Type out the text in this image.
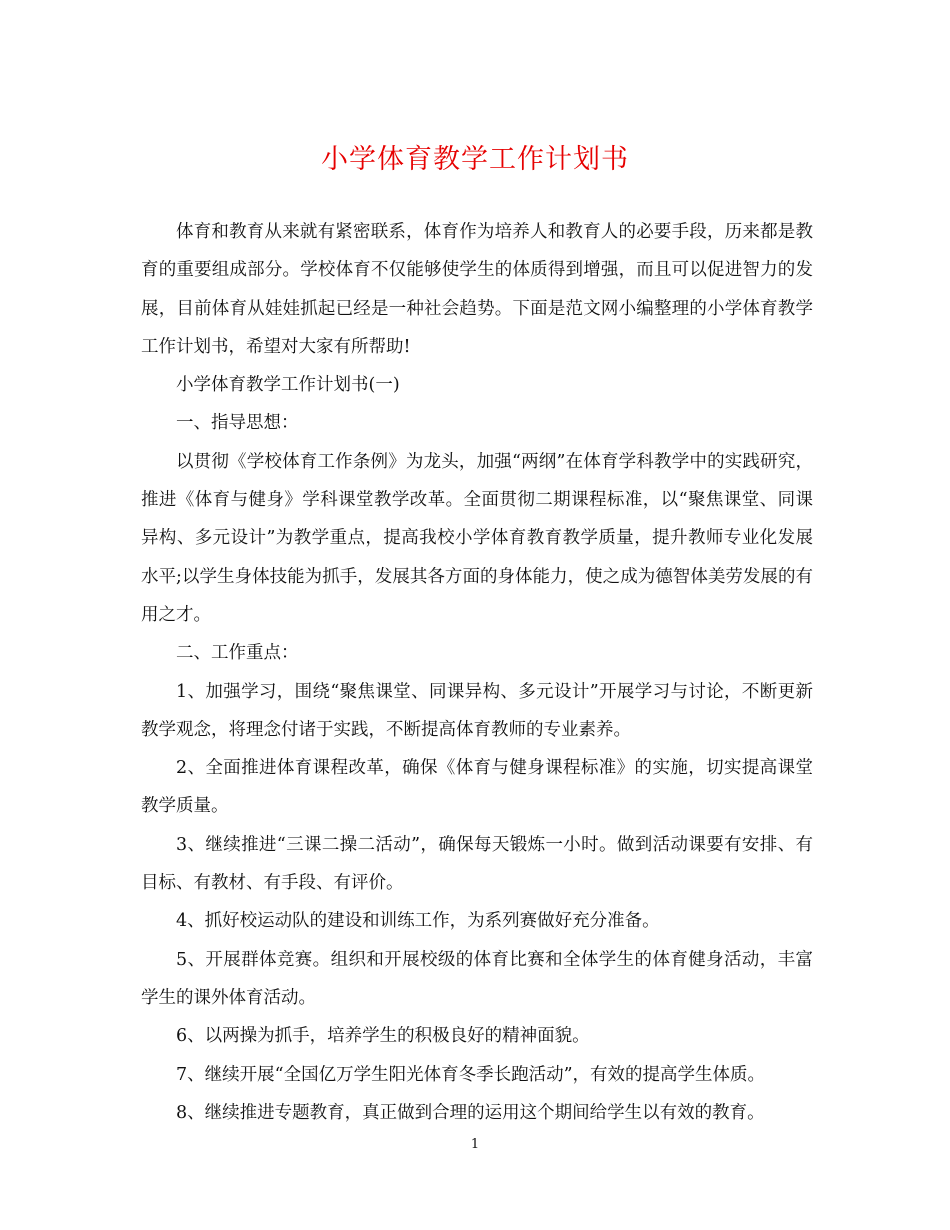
小学体育教学工作计划书

体育和教育从来就有紧密联系，体育作为培养人和教育人的必要手段，历来都是教育的重要组成部分。学校体育不仅能够使学生的体质得到增强，而且可以促进智力的发展，目前体育从娃娃抓起已经是一种社会趋势。下面是范文网小编整理的小学体育教学工作计划书，希望对大家有所帮助!

小学体育教学工作计划书(一)

一、指导思想：

以贯彻《学校体育工作条例》为龙头，加强“两纲”在体育学科教学中的实践研究，推进《体育与健身》学科课堂教学改革。全面贯彻二期课程标准，以“聚焦课堂、同课异构、多元设计”为教学重点，提高我校小学体育教育教学质量，提升教师专业化发展水平;以学生身体技能为抓手，发展其各方面的身体能力，使之成为德智体美劳发展的有用之才。

二、工作重点：

1、加强学习，围绕“聚焦课堂、同课异构、多元设计”开展学习与讨论，不断更新教学观念，将理念付诸于实践，不断提高体育教师的专业素养。

2、全面推进体育课程改革，确保《体育与健身课程标准》的实施，切实提高课堂教学质量。

3、继续推进“三课二操二活动”，确保每天锻炼一小时。做到活动课要有安排、有目标、有教材、有手段、有评价。

4、抓好校运动队的建设和训练工作，为系列赛做好充分准备。

5、开展群体竞赛。组织和开展校级的体育比赛和全体学生的体育健身活动，丰富学生的课外体育活动。

6、以两操为抓手，培养学生的积极良好的精神面貌。

7、继续开展“全国亿万学生阳光体育冬季长跑活动”，有效的提高学生体质。

8、继续推进专题教育，真正做到合理的运用这个期间给学生以有效的教育。

1
